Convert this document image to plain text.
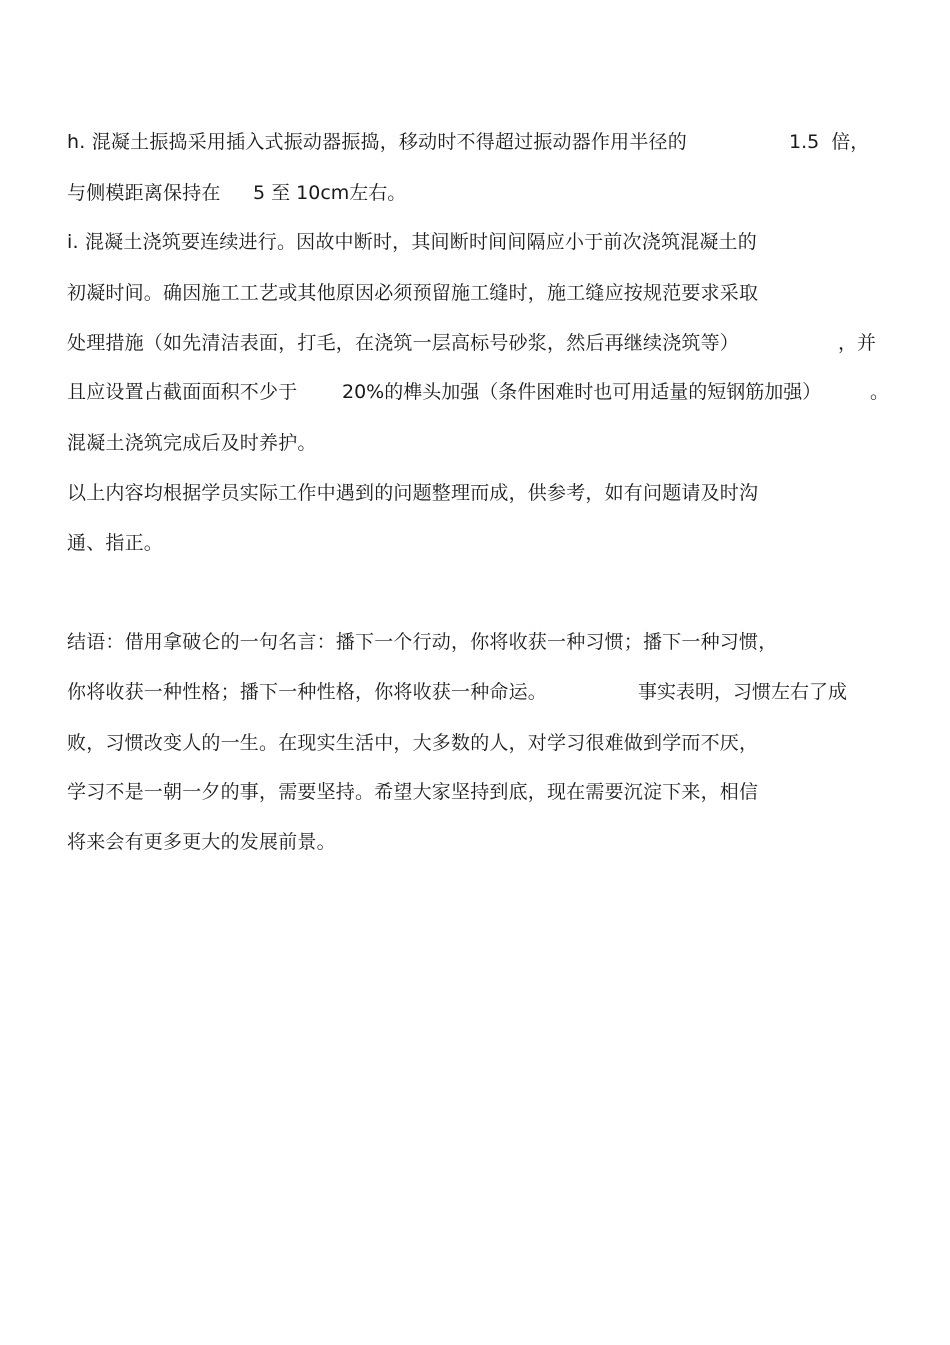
h. 混凝土振捣采用插入式振动器振捣，移动时不得超过振动器作用半径的	1.5  倍，
与侧模距离保持在 5 至 10cm左右。
i. 混凝土浇筑要连续进行。因故中断时，其间断时间间隔应小于前次浇筑混凝土的
初凝时间。确因施工工艺或其他原因必须预留施工缝时，施工缝应按规范要求采取
处理措施（如先清洁表面，打毛，在浇筑一层高标号砂浆，然后再继续浇筑等）	，并
且应设置占截面面积不少于 20%的榫头加强（条件困难时也可用适量的短钢筋加强）	。
混凝土浇筑完成后及时养护。
以上内容均根据学员实际工作中遇到的问题整理而成，供参考，如有问题请及时沟
通、指正。
结语：借用拿破仑的一句名言：播下一个行动，你将收获一种习惯；播下一种习惯，
你将收获一种性格；播下一种性格，你将收获一种命运。	事实表明，习惯左右了成
败，习惯改变人的一生。在现实生活中，大多数的人，对学习很难做到学而不厌，
学习不是一朝一夕的事，需要坚持。希望大家坚持到底，现在需要沉淀下来，相信
将来会有更多更大的发展前景。
